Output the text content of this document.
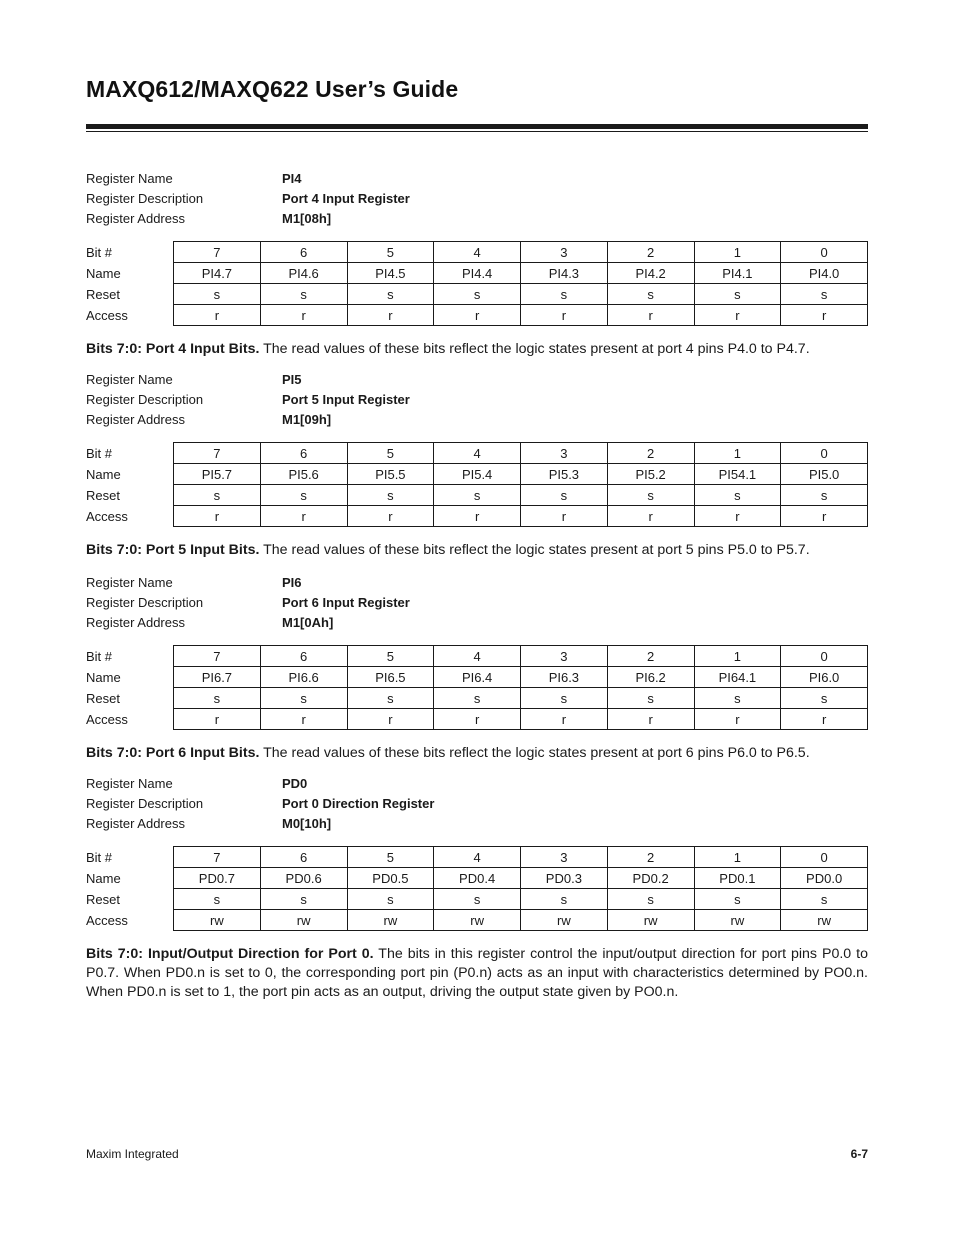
MAXQ612/MAXQ622 User’s Guide
Register Name	PI4
Register Description	Port 4 Input Register
Register Address	M1[08h]
Bit #	7	6	5	4	3	2	1	0
Name	PI4.7	PI4.6	PI4.5	PI4.4	PI4.3	PI4.2	PI4.1	PI4.0
Reset	s	s	s	s	s	s	s	s
Access	r	r	r	r	r	r	r	r

Bits 7:0: Port 4 Input Bits. The read values of these bits reflect the logic states present at port 4 pins P4.0 to P4.7.

Register Name	PI5
Register Description	Port 5 Input Register
Register Address	M1[09h]
Bit #	7	6	5	4	3	2	1	0
Name	PI5.7	PI5.6	PI5.5	PI5.4	PI5.3	PI5.2	PI54.1	PI5.0
Reset	s	s	s	s	s	s	s	s
Access	r	r	r	r	r	r	r	r

Bits 7:0: Port 5 Input Bits. The read values of these bits reflect the logic states present at port 5 pins P5.0 to P5.7.

Register Name	PI6
Register Description	Port 6 Input Register
Register Address	M1[0Ah]
Bit #	7	6	5	4	3	2	1	0
Name	PI6.7	PI6.6	PI6.5	PI6.4	PI6.3	PI6.2	PI64.1	PI6.0
Reset	s	s	s	s	s	s	s	s
Access	r	r	r	r	r	r	r	r

Bits 7:0: Port 6 Input Bits. The read values of these bits reflect the logic states present at port 6 pins P6.0 to P6.5.

Register Name	PD0
Register Description	Port 0 Direction Register
Register Address	M0[10h]
Bit #	7	6	5	4	3	2	1	0
Name	PD0.7	PD0.6	PD0.5	PD0.4	PD0.3	PD0.2	PD0.1	PD0.0
Reset	s	s	s	s	s	s	s	s
Access	rw	rw	rw	rw	rw	rw	rw	rw

Bits 7:0: Input/Output Direction for Port 0. The bits in this register control the input/output direction for port pins P0.0 to P0.7. When PD0.n is set to 0, the corresponding port pin (P0.n) acts as an input with characteristics determined by PO0.n. When PD0.n is set to 1, the port pin acts as an output, driving the output state given by PO0.n.

Maxim Integrated	6-7
